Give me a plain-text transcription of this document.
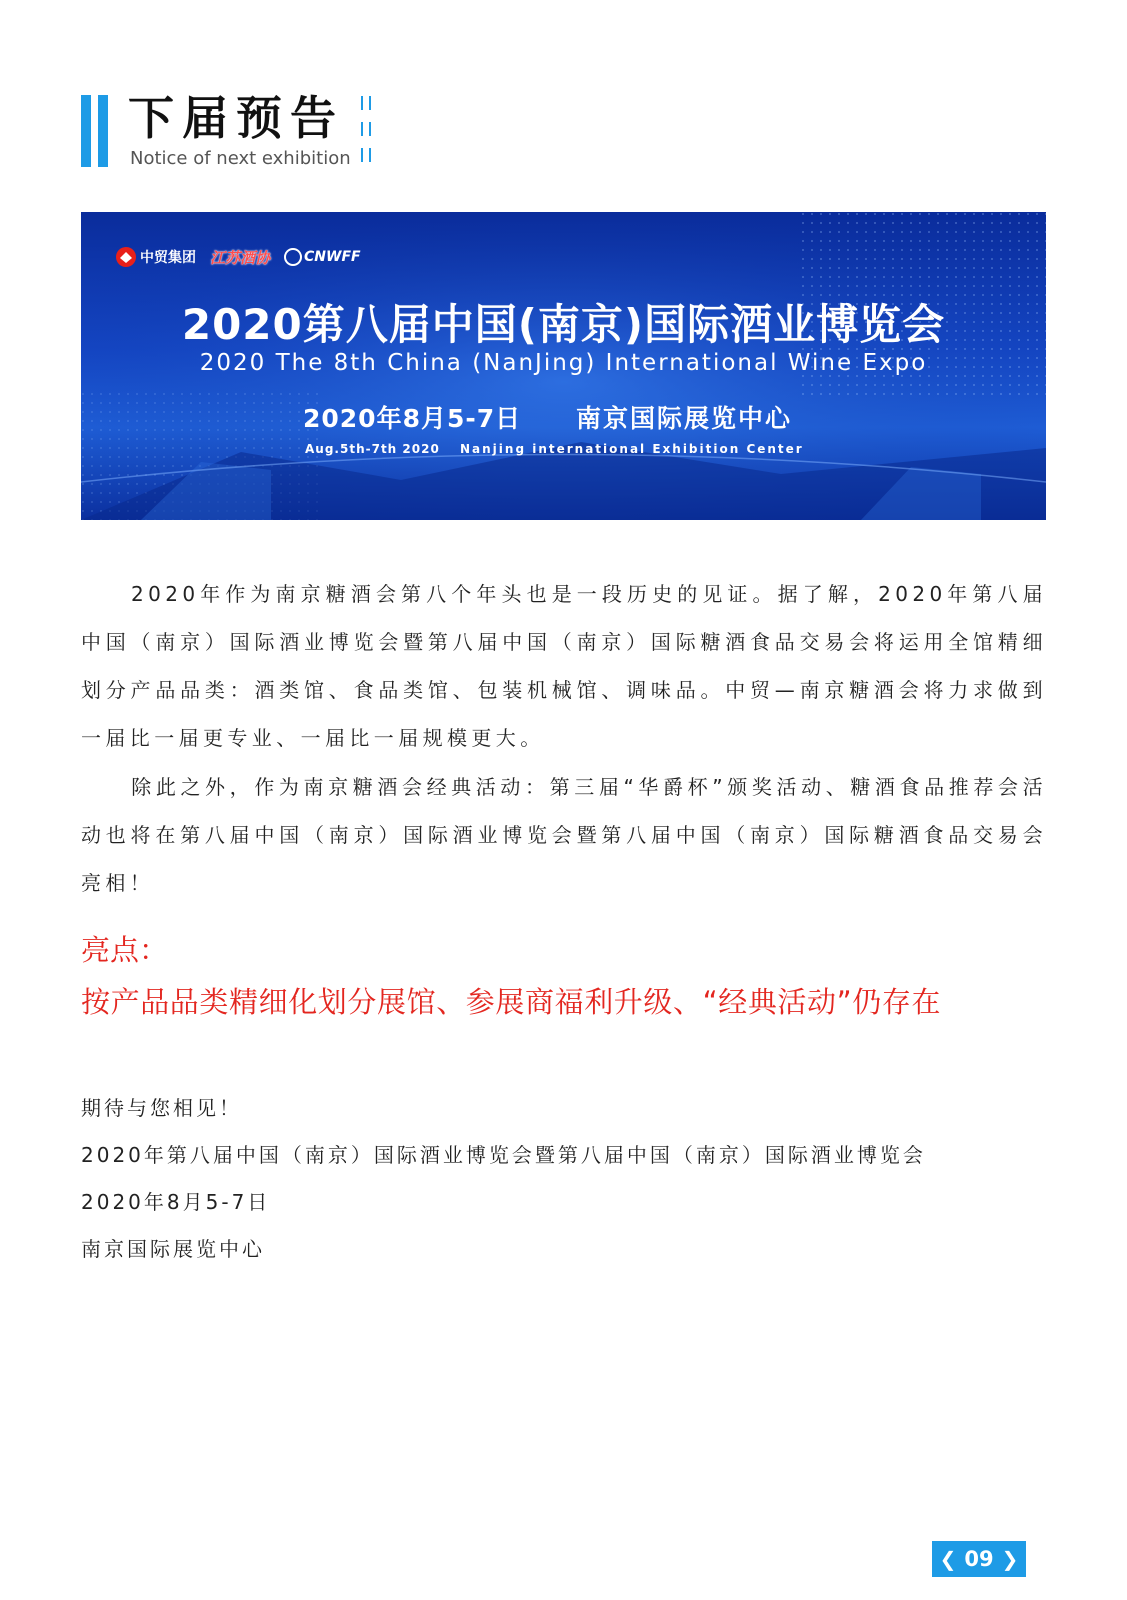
下届预告
Notice of next exhibition
中贸集团 江苏酒协 CNWFF
2020第八届中国(南京)国际酒业博览会
2020 The 8th China (NanJing) International Wine Expo
2020年8月5-7日 南京国际展览中心
Aug.5th-7th 2020 Nanjing international Exhibition Center

2020年作为南京糖酒会第八个年头也是一段历史的见证。据了解，2020年第八届中国（南京）国际酒业博览会暨第八届中国（南京）国际糖酒食品交易会将运用全馆精细划分产品品类：酒类馆、食品类馆、包装机械馆、调味品。中贸—南京糖酒会将力求做到一届比一届更专业、一届比一届规模更大。

除此之外，作为南京糖酒会经典活动：第三届“华爵杯”颁奖活动、糖酒食品推荐会活动也将在第八届中国（南京）国际酒业博览会暨第八届中国（南京）国际糖酒食品交易会亮相！

亮点：
按产品品类精细化划分展馆、参展商福利升级、“经典活动”仍存在
期待与您相见！
2020年第八届中国（南京）国际酒业博览会暨第八届中国（南京）国际酒业博览会
2020年8月5-7日
南京国际展览中心
❮ 09 ❯
